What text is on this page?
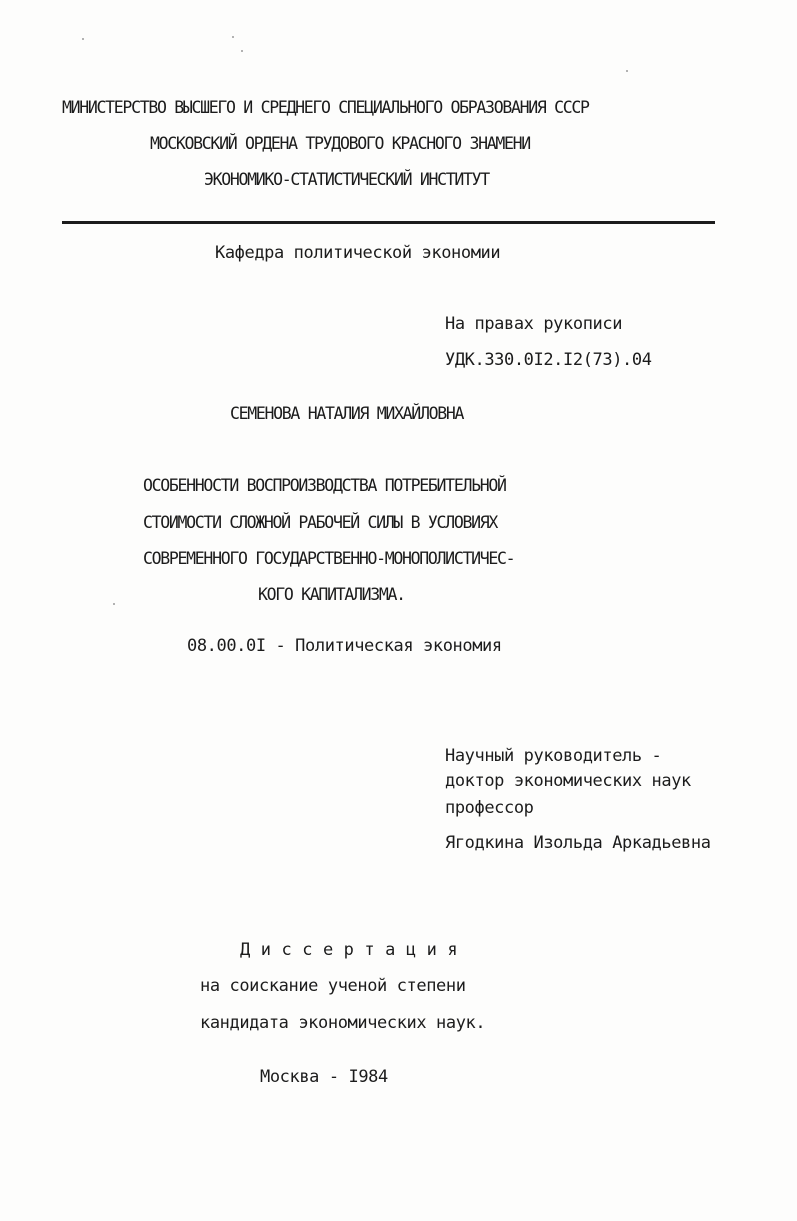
МИНИСТЕРСТВО ВЫСШЕГО И СРЕДНЕГО СПЕЦИАЛЬНОГО ОБРАЗОВАНИЯ СССР
МОСКОВСКИЙ ОРДЕНА ТРУДОВОГО КРАСНОГО ЗНАМЕНИ
ЭКОНОМИКО-СТАТИСТИЧЕСКИЙ ИНСТИТУТ
Кафедра политической экономии
На правах рукописи
УДК.330.0I2.I2(73).04
СЕМЕНОВА НАТАЛИЯ МИХАЙЛОВНА
ОСОБЕННОСТИ ВОСПРОИЗВОДСТВА ПОТРЕБИТЕЛЬНОЙ
СТОИМОСТИ СЛОЖНОЙ РАБОЧЕЙ СИЛЫ В УСЛОВИЯХ
СОВРЕМЕННОГО ГОСУДАРСТВЕННО-МОНОПОЛИСТИЧЕС-
КОГО КАПИТАЛИЗМА.
08.00.0I - Политическая экономия
Научный руководитель -
доктор экономических наук
профессор
Ягодкина Изольда Аркадьевна
Диссертация
на соискание ученой степени
кандидата экономических наук.
Москва - I984
